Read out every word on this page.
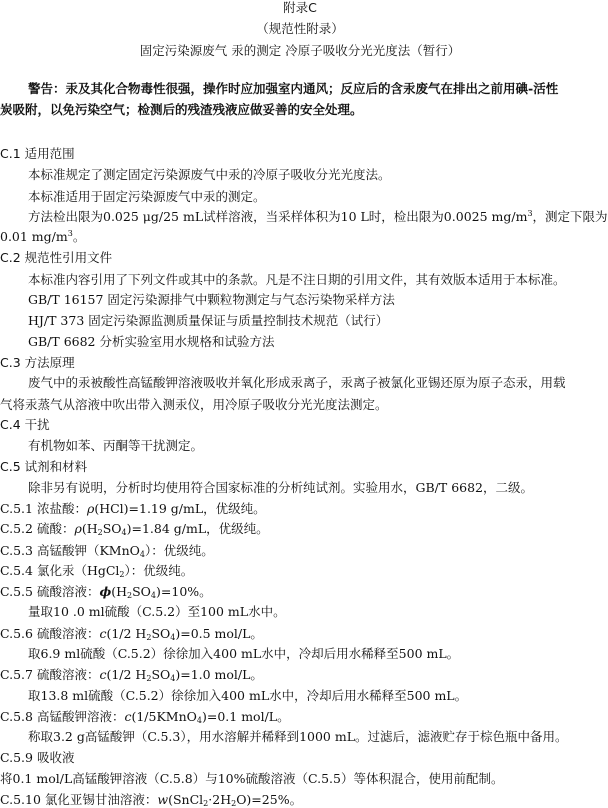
附录C
（规范性附录）
固定污染源废气 汞的测定 冷原子吸收分光光度法（暂行）
警告：汞及其化合物毒性很强，操作时应加强室内通风；反应后的含汞废气在排出之前用碘-活性
炭吸附，以免污染空气；检测后的残渣残液应做妥善的安全处理。
C.1 适用范围
本标准规定了测定固定污染源废气中汞的冷原子吸收分光光度法。
本标准适用于固定污染源废气中汞的测定。
方法检出限为0.025 μg/25 mL试样溶液，当采样体积为10 L时，检出限为0.0025 $mg/m^3$，测定下限为
0.01 $mg/m^3$。
C.2 规范性引用文件
本标准内容引用了下列文件或其中的条款。凡是不注日期的引用文件，其有效版本适用于本标准。
GB/T 16157 固定污染源排气中颗粒物测定与气态污染物采样方法
HJ/T 373 固定污染源监测质量保证与质量控制技术规范（试行）
GB/T 6682 分析实验室用水规格和试验方法
C.3 方法原理
废气中的汞被酸性高锰酸钾溶液吸收并氧化形成汞离子，汞离子被氯化亚锡还原为原子态汞，用载
气将汞蒸气从溶液中吹出带入测汞仪，用冷原子吸收分光光度法测定。
C.4 干扰
有机物如苯、丙酮等干扰测定。
C.5 试剂和材料
除非另有说明，分析时均使用符合国家标准的分析纯试剂。实验用水，GB/T 6682，二级。
C.5.1 浓盐酸：ρ(HCl)=1.19 g/mL，优级纯。
C.5.2 硫酸：$\rho(H_2SO_4)=1.84$ g/mL，优级纯。
C.5.3 高锰酸钾（KMnO$_4$）：优级纯。
C.5.4 氯化汞（HgCl$_2$）：优级纯。
C.5.5 硫酸溶液：$\phi(H_2SO_4)=10\%$。
量取10 .0 ml硫酸（C.5.2）至100 mL水中。
C.5.6 硫酸溶液：c(1/2 $H_2SO_4)=0.5$ mol/L。
取6.9 ml硫酸（C.5.2）徐徐加入400 mL水中，冷却后用水稀释至500 mL。
C.5.7 硫酸溶液：c(1/2 $H_2SO_4)=1.0$ mol/L。
取13.8 ml硫酸（C.5.2）徐徐加入400 mL水中，冷却后用水稀释至500 mL。
C.5.8 高锰酸钾溶液：c(1/5KMnO$_4$)=0.1 mol/L。
称取3.2 g高锰酸钾（C.5.3），用水溶解并稀释到1000 mL。过滤后，滤液贮存于棕色瓶中备用。
C.5.9 吸收液
将0.1 mol/L高锰酸钾溶液（C.5.8）与10%硫酸溶液（C.5.5）等体积混合，使用前配制。
C.5.10 氯化亚锡甘油溶液：$w(SnCl_2\cdot 2H_2O)=25\%$。
